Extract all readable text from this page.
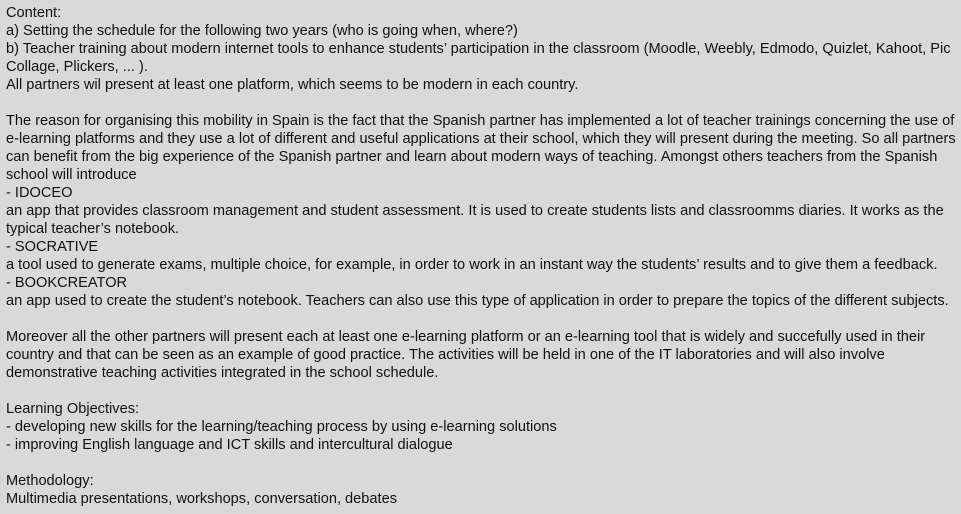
Content:

a) Setting the schedule for the following two years (who is going when, where?)

b) Teacher training about modern internet tools to enhance students’ participation in the classroom (Moodle, Weebly, Edmodo, Quizlet, Kahoot, Pic

Collage, Plickers, ... ).

All partners wil present at least one platform, which seems to be modern in each country.

The reason for organising this mobility in Spain is the fact that the Spanish partner has implemented a lot of teacher trainings concerning the use of

e-learning platforms and they use a lot of different and useful applications at their school, which they will present during the meeting. So all partners

can benefit from the big experience of the Spanish partner and learn about modern ways of teaching. Amongst others teachers from the Spanish

school will introduce

- IDOCEO

an app that provides classroom management and student assessment. It is used to create students lists and classroomms diaries. It works as the

typical teacher’s notebook.

- SOCRATIVE

a tool used to generate exams, multiple choice, for example, in order to work in an instant way the students’ results and to give them a feedback.

- BOOKCREATOR

an app used to create the student’s notebook. Teachers can also use this type of application in order to prepare the topics of the different subjects.

Moreover all the other partners will present each at least one e-learning platform or an e-learning tool that is widely and succefully used in their

country and that can be seen as an example of good practice. The activities will be held in one of the IT laboratories and will also involve

demonstrative teaching activities integrated in the school schedule.

Learning Objectives:

- developing new skills for the learning/teaching process by using e-learning solutions

- improving English language and ICT skills and intercultural dialogue

Methodology:

Multimedia presentations, workshops, conversation, debates
